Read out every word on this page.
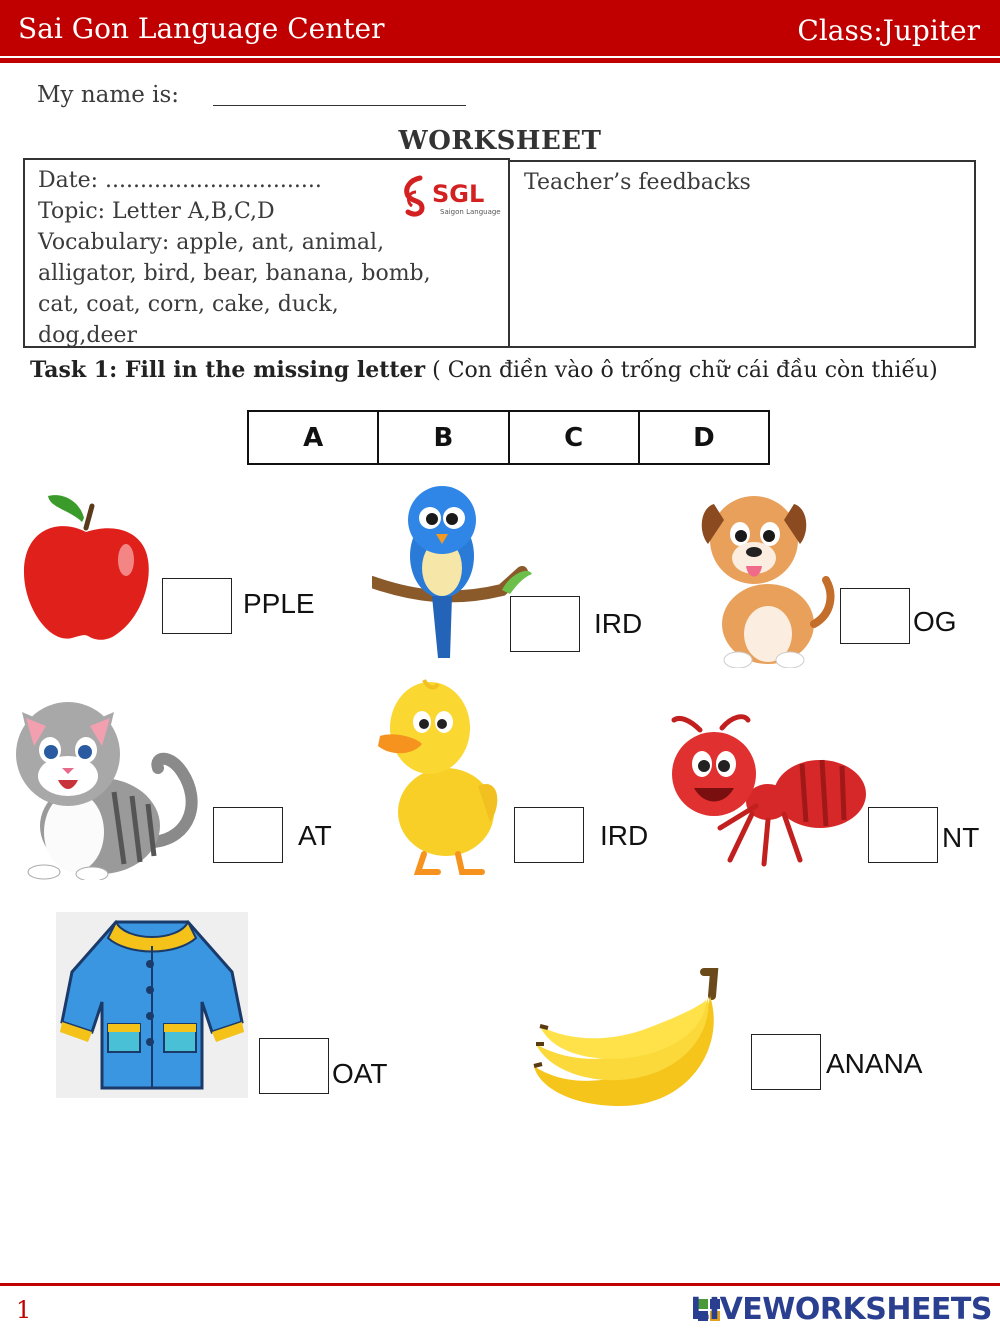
Sai Gon Language Center	Class:Jupiter
My name is:
WORKSHEET
Date: ...............................
Topic: Letter A,B,C,D
Vocabulary: apple, ant, animal,
alligator, bird, bear, banana, bomb,
cat, coat, corn, cake, duck,
dog,deer
SGL
Saigon Language
Teacher’s feedbacks
Task 1: Fill in the missing letter ( Con điền vào ô trống chữ cái đầu còn thiếu)
A	B	C	D
PPLE
IRD	OG
AT	IRD	NT
OAT	ANANA
1	LIVEWORKSHEETS
